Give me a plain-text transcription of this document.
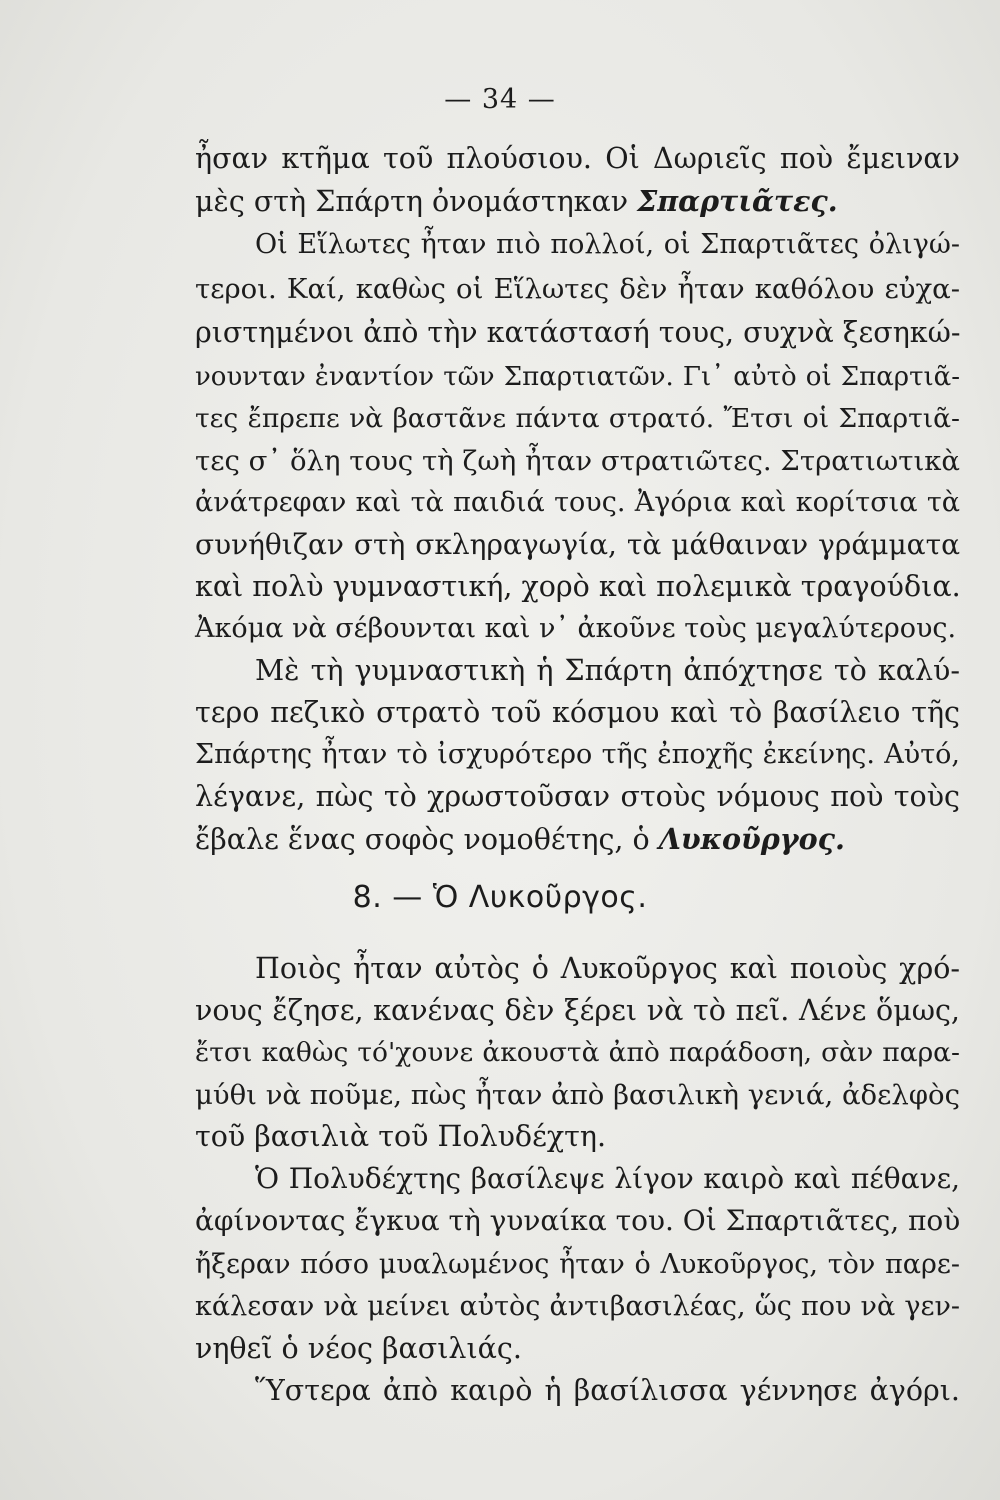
— 34 —
ἦσαν κτῆμα τοῦ πλούσιου. Οἱ Δωριεῖς ποὺ ἔμειναν
μὲς στὴ Σπάρτη ὀνομάστηκαν Σπαρτιᾶτες.
Οἱ Εἵλωτες ἦταν πιὸ πολλοί, οἱ Σπαρτιᾶτες ὀλιγώ-
τεροι. Καί, καθὼς οἱ Εἵλωτες δὲν ἦταν καθόλου εὐχα-
ριστημένοι ἀπὸ τὴν κατάστασή τους, συχνὰ ξεσηκώ-
νουνταν ἐναντίον τῶν Σπαρτιατῶν. Γι᾽ αὐτὸ οἱ Σπαρτιᾶ-
τες ἔπρεπε νὰ βαστᾶνε πάντα στρατό. Ἔτσι οἱ Σπαρτιᾶ-
τες σ᾽ ὅλη τους τὴ ζωὴ ἦταν στρατιῶτες. Στρατιωτικὰ
ἀνάτρεφαν καὶ τὰ παιδιά τους. Ἀγόρια καὶ κορίτσια τὰ
συνήθιζαν στὴ σκληραγωγία, τὰ μάθαιναν γράμματα
καὶ πολὺ γυμναστική, χορὸ καὶ πολεμικὰ τραγούδια.
Ἀκόμα νὰ σέβουνται καὶ ν᾽ ἀκοῦνε τοὺς μεγαλύτερους.
Μὲ τὴ γυμναστικὴ ἡ Σπάρτη ἀπόχτησε τὸ καλύ-
τερο πεζικὸ στρατὸ τοῦ κόσμου καὶ τὸ βασίλειο τῆς
Σπάρτης ἦταν τὸ ἰσχυρότερο τῆς ἐποχῆς ἐκείνης. Αὐτό,
λέγανε, πὼς τὸ χρωστοῦσαν στοὺς νόμους ποὺ τοὺς
ἔβαλε ἕνας σοφὸς νομοθέτης, ὁ Λυκοῦργος.
8. — Ὁ Λυκοῦργος.
Ποιὸς ἦταν αὐτὸς ὁ Λυκοῦργος καὶ ποιοὺς χρό-
νους ἔζησε, κανένας δὲν ξέρει νὰ τὸ πεῖ. Λένε ὅμως,
ἔτσι καθὼς τό'χουνε ἀκουστὰ ἀπὸ παράδοση, σὰν παρα-
μύθι νὰ ποῦμε, πὼς ἦταν ἀπὸ βασιλικὴ γενιά, ἀδελφὸς
τοῦ βασιλιὰ τοῦ Πολυδέχτη.
Ὁ Πολυδέχτης βασίλεψε λίγον καιρὸ καὶ πέθανε,
ἀφίνοντας ἔγκυα τὴ γυναίκα του. Οἱ Σπαρτιᾶτες, ποὺ
ἤξεραν πόσο μυαλωμένος ἦταν ὁ Λυκοῦργος, τὸν παρε-
κάλεσαν νὰ μείνει αὐτὸς ἀντιβασιλέας, ὥς που νὰ γεν-
νηθεῖ ὁ νέος βασιλιάς.
Ὕστερα ἀπὸ καιρὸ ἡ βασίλισσα γέννησε ἀγόρι.
